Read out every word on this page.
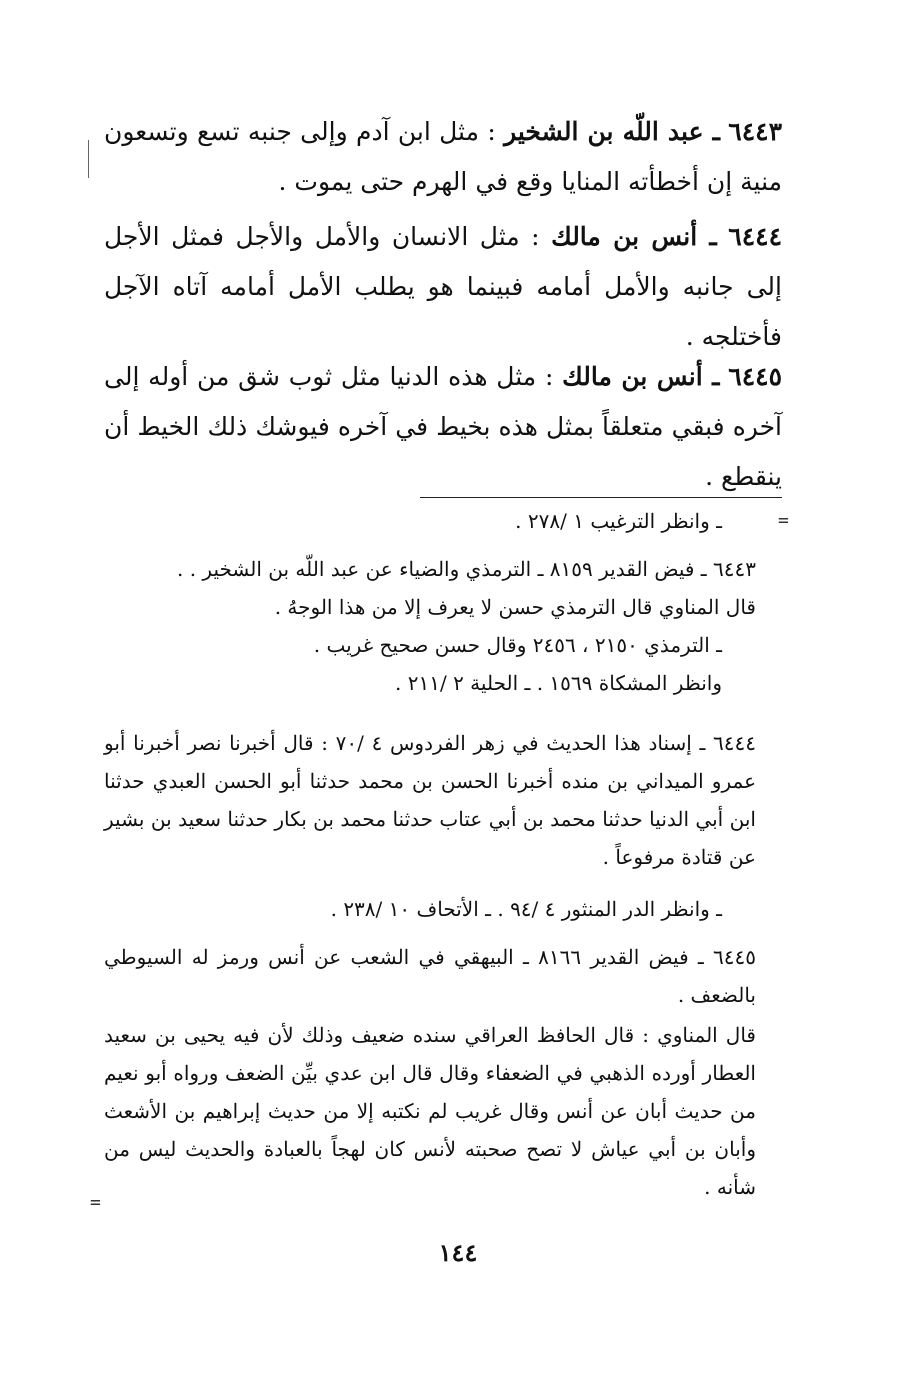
٦٤٤٣ ـ عبد اللّه بن الشخير : مثل ابن آدم وإلى جنبه تسع وتسعون منية إن أخطأته المنايا وقع في الهرم حتى يموت .
٦٤٤٤ ـ أنس بن مالك : مثل الانسان والأمل والأجل فمثل الأجل إلى جانبه والأمل أمامه فبينما هو يطلب الأمل أمامه آتاه الآجل فأختلجه .
٦٤٤٥ ـ أنس بن مالك : مثل هذه الدنيا مثل ثوب شق من أوله إلى آخره فبقي متعلقاً بمثل هذه بخيط في آخره فيوشك ذلك الخيط أن ينقطع .
=
ـ وانظر الترغيب ١ /٢٧٨ .
٦٤٤٣ ـ فيض القدير ٨١٥٩ ـ الترمذي والضياء عن عبد اللّه بن الشخير . .
قال المناوي قال الترمذي حسن لا يعرف إلا من هذا الوجهُ .
ـ الترمذي ٢١٥٠ ، ٢٤٥٦ وقال حسن صحيح غريب .
وانظر المشكاة ١٥٦٩ . ـ الحلية ٢ /٢١١ .
٦٤٤٤ ـ إسناد هذا الحديث في زهر الفردوس ٤ /٧٠ : قال أخبرنا نصر أخبرنا أبو عمرو الميداني بن منده أخبرنا الحسن بن محمد حدثنا أبو الحسن العبدي حدثنا ابن أبي الدنيا حدثنا محمد بن أبي عتاب حدثنا محمد بن بكار حدثنا سعيد بن بشير عن قتادة مرفوعاً .
ـ وانظر الدر المنثور ٤ /٩٤ . ـ الأتحاف ١٠ /٢٣٨ .
٦٤٤٥ ـ فيض القدير ٨١٦٦ ـ البيهقي في الشعب عن أنس ورمز له السيوطي بالضعف .
قال المناوي : قال الحافظ العراقي سنده ضعيف وذلك لأن فيه يحيى بن سعيد العطار أورده الذهبي في الضعفاء وقال قال ابن عدي بيِّن الضعف ورواه أبو نعيم من حديث أبان عن أنس وقال غريب لم نكتبه إلا من حديث إبراهيم بن الأشعث وأبان بن أبي عياش لا تصح صحبته لأنس كان لهجاً بالعبادة والحديث ليس من شأنه .
=
١٤٤
